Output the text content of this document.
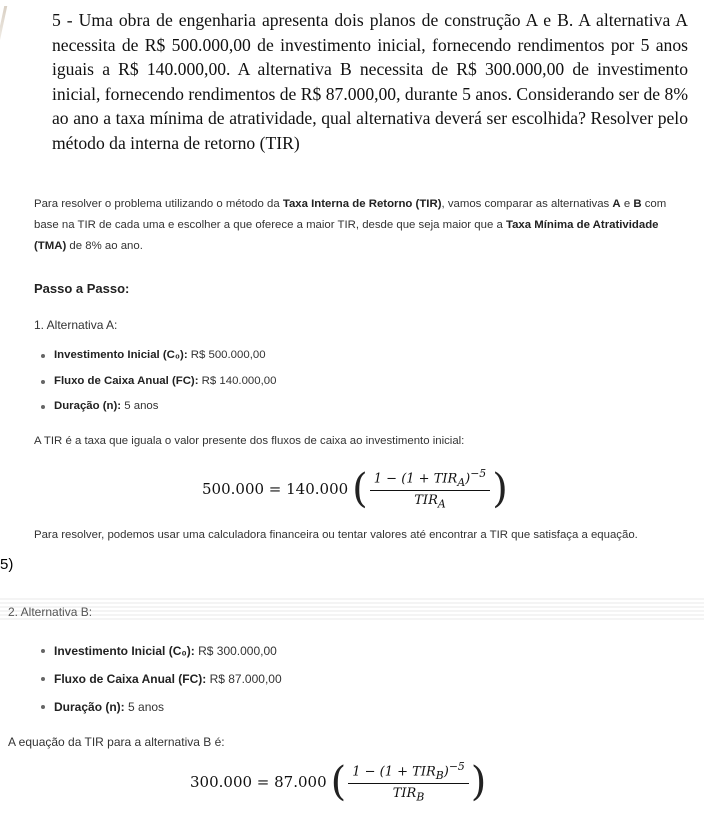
5 - Uma obra de engenharia apresenta dois planos de construção A e B. A alternativa A necessita de R$ 500.000,00 de investimento inicial, fornecendo rendimentos por 5 anos iguais a R$ 140.000,00. A alternativa B necessita de R$ 300.000,00 de investimento inicial, fornecendo rendimentos de R$ 87.000,00, durante 5 anos. Considerando ser de 8% ao ano a taxa mínima de atratividade, qual alternativa deverá ser escolhida? Resolver pelo método da interna de retorno (TIR)

Para resolver o problema utilizando o método da Taxa Interna de Retorno (TIR), vamos comparar as alternativas A e B com base na TIR de cada uma e escolher a que oferece a maior TIR, desde que seja maior que a Taxa Mínima de Atratividade (TMA) de 8% ao ano.

Passo a Passo:
1. Alternativa A:
Investimento Inicial (C₀): R$ 500.000,00
Fluxo de Caixa Anual (FC): R$ 140.000,00
Duração (n): 5 anos
A TIR é a taxa que iguala o valor presente dos fluxos de caixa ao investimento inicial:
500.000 = 140.000 ( $\frac{1 - (1 + TIR_A)^{-5}}{TIR_A}$ )
Para resolver, podemos usar uma calculadora financeira ou tentar valores até encontrar a TIR que satisfaça a equação.
5)
2. Alternativa B:
Investimento Inicial (C₀): R$ 300.000,00
Fluxo de Caixa Anual (FC): R$ 87.000,00
Duração (n): 5 anos
A equação da TIR para a alternativa B é:
300.000 = 87.000 ( $\frac{1 - (1 + TIR_B)^{-5}}{TIR_B}$ )
